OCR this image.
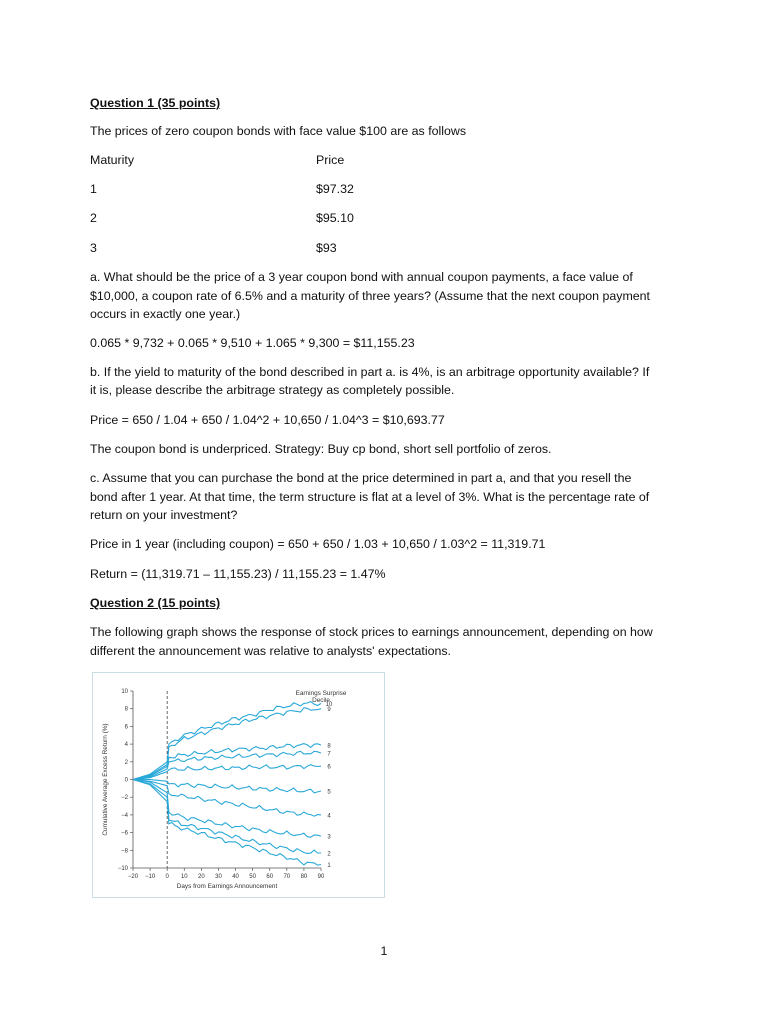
Question 1 (35 points)
The prices of zero coupon bonds with face value $100 are as follows
Maturity	Price
1	$97.32
2	$95.10
3	$93
a. What should be the price of a 3 year coupon bond with annual coupon payments, a face value of
$10,000, a coupon rate of 6.5% and a maturity of three years? (Assume that the next coupon payment
occurs in exactly one year.)
0.065 * 9,732 + 0.065 * 9,510 + 1.065 * 9,300 = $11,155.23
b. If the yield to maturity of the bond described in part a. is 4%, is an arbitrage opportunity available? If
it is, please describe the arbitrage strategy as completely possible.
Price = 650 / 1.04 + 650 / 1.04^2 + 10,650 / 1.04^3 = $10,693.77
The coupon bond is underpriced. Strategy: Buy cp bond, short sell portfolio of zeros.
c. Assume that you can purchase the bond at the price determined in part a, and that you resell the
bond after 1 year. At that time, the term structure is flat at a level of 3%. What is the percentage rate of
return on your investment?
Price in 1 year (including coupon) = 650 + 650 / 1.03 + 10,650 / 1.03^2 = 11,319.71
Return = (11,319.71 – 11,155.23) / 11,155.23 = 1.47%
Question 2 (15 points)
The following graph shows the response of stock prices to earnings announcement, depending on how
different the announcement was relative to analysts' expectations.
−10
−8
−6
−4
−2
0
2
4
6
8
10
−20 −10 0 10 20 30 40 50 60 70 80 90
Days from Earnings Announcement
Cumulative Average Excess Return (%)
Earnings Surprise
Decile
10
9
8
7
6
5
4
3
2
1
1
